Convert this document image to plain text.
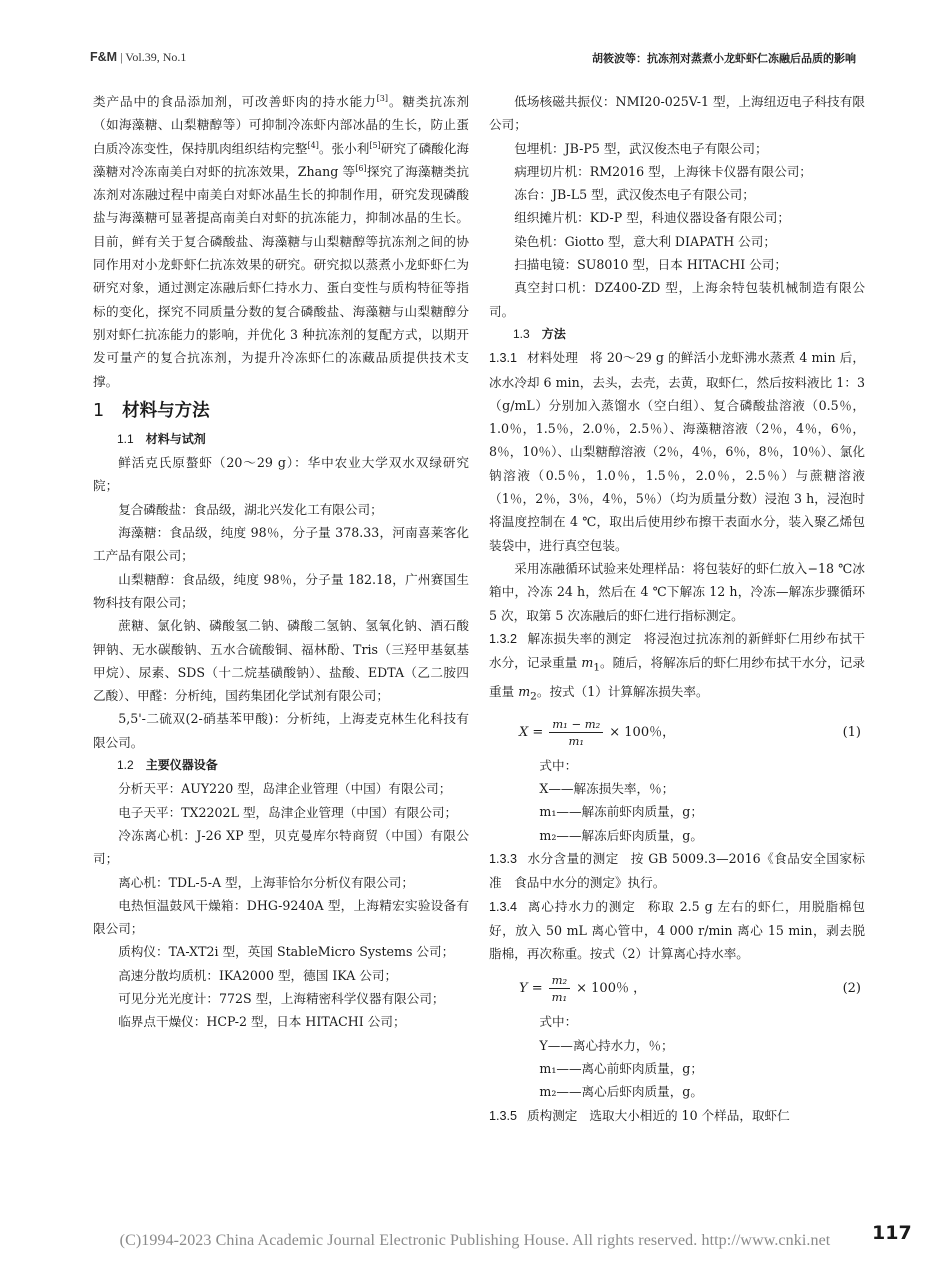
F&M | Vol.39, No.1	胡筱波等：抗冻剂对蒸煮小龙虾虾仁冻融后品质的影响

类产品中的食品添加剂，可改善虾肉的持水能力[3]。糖类抗冻剂（如海藻糖、山梨糖醇等）可抑制冷冻虾内部冰晶的生长，防止蛋白质冷冻变性，保持肌肉组织结构完整[4]。张小利[5]研究了磷酸化海藻糖对冷冻南美白对虾的抗冻效果，Zhang 等[6]探究了海藻糖类抗冻剂对冻融过程中南美白对虾冰晶生长的抑制作用，研究发现磷酸盐与海藻糖可显著提高南美白对虾的抗冻能力，抑制冰晶的生长。目前，鲜有关于复合磷酸盐、海藻糖与山梨糖醇等抗冻剂之间的协同作用对小龙虾虾仁抗冻效果的研究。研究拟以蒸煮小龙虾虾仁为研究对象，通过测定冻融后虾仁持水力、蛋白变性与质构特征等指标的变化，探究不同质量分数的复合磷酸盐、海藻糖与山梨糖醇分别对虾仁抗冻能力的影响，并优化 3 种抗冻剂的复配方式，以期开发可量产的复合抗冻剂，为提升冷冻虾仁的冻藏品质提供技术支撑。

1 材料与方法

1.1 材料与试剂

鲜活克氏原螯虾（20～29 g）：华中农业大学双水双绿研究院；

复合磷酸盐：食品级，湖北兴发化工有限公司；

海藻糖：食品级，纯度 98％，分子量 378.33，河南喜莱客化工产品有限公司；

山梨糖醇：食品级，纯度 98％，分子量 182.18，广州赛国生物科技有限公司；

蔗糖、氯化钠、磷酸氢二钠、磷酸二氢钠、氢氧化钠、酒石酸钾钠、无水碳酸钠、五水合硫酸铜、福林酚、Tris（三羟甲基氨基甲烷）、尿素、SDS（十二烷基磺酸钠）、盐酸、EDTA（乙二胺四乙酸）、甲醛：分析纯，国药集团化学试剂有限公司；

5,5'-二硫双(2-硝基苯甲酸)：分析纯，上海麦克林生化科技有限公司。

1.2 主要仪器设备

分析天平：AUY220 型，岛津企业管理（中国）有限公司；

电子天平：TX2202L 型，岛津企业管理（中国）有限公司；

冷冻离心机：J-26 XP 型，贝克曼库尔特商贸（中国）有限公司；

离心机：TDL-5-A 型，上海菲恰尔分析仪有限公司；

电热恒温鼓风干燥箱：DHG-9240A 型，上海精宏实验设备有限公司；

质构仪：TA-XT2i 型，英国 StableMicro Systems 公司；

高速分散均质机：IKA2000 型，德国 IKA 公司；

可见分光光度计：772S 型，上海精密科学仪器有限公司；

临界点干燥仪：HCP-2 型，日本 HITACHI 公司；

低场核磁共振仪：NMI20-025V-1 型，上海纽迈电子科技有限公司；

包埋机：JB-P5 型，武汉俊杰电子有限公司；

病理切片机：RM2016 型，上海徕卡仪器有限公司；

冻台：JB-L5 型，武汉俊杰电子有限公司；

组织摊片机：KD-P 型，科迪仪器设备有限公司；

染色机：Giotto 型，意大利 DIAPATH 公司；

扫描电镜：SU8010 型，日本 HITACHI 公司；

真空封口机：DZ400-ZD 型，上海余特包装机械制造有限公司。

1.3 方法

1.3.1 材料处理 将 20～29 g 的鲜活小龙虾沸水蒸煮 4 min 后，冰水冷却 6 min，去头，去壳，去黄，取虾仁，然后按料液比 1：3（g/mL）分别加入蒸馏水（空白组）、复合磷酸盐溶液（0.5％，1.0％，1.5％，2.0％，2.5％）、海藻糖溶液（2％，4％，6％，8％，10％）、山梨糖醇溶液（2％，4％，6％，8％，10％）、氯化钠溶液（0.5％，1.0％，1.5％，2.0％，2.5％）与蔗糖溶液（1％，2％，3％，4％，5％）（均为质量分数）浸泡 3 h，浸泡时将温度控制在 4 ℃，取出后使用纱布擦干表面水分，装入聚乙烯包装袋中，进行真空包装。

采用冻融循环试验来处理样品：将包装好的虾仁放入−18 ℃冰箱中，冷冻 24 h，然后在 4 ℃下解冻 12 h，冷冻—解冻步骤循环 5 次，取第 5 次冻融后的虾仁进行指标测定。

1.3.2 解冻损失率的测定 将浸泡过抗冻剂的新鲜虾仁用纱布拭干水分，记录重量 $m_1$。随后，将解冻后的虾仁用纱布拭干水分，记录重量 $m_2$。按式（1）计算解冻损失率。

$X = \frac{\text{m₁ − m₂}}{\text{m₁}} \times 100$％，	(1)

式中：

X——解冻损失率，％；

m₁——解冻前虾肉质量，g；

m₂——解冻后虾肉质量，g。

1.3.3 水分含量的测定 按 GB 5009.3—2016《食品安全国家标准　食品中水分的测定》执行。

1.3.4 离心持水力的测定 称取 2.5 g 左右的虾仁，用脱脂棉包好，放入 50 mL 离心管中，4 000 r/min 离心 15 min，剥去脱脂棉，再次称重。按式（2）计算离心持水率。

$Y = \frac{\text{m₂}}{\text{m₁}} \times 100$％ ，	(2)

式中：

Y——离心持水力，％；

m₁——离心前虾肉质量，g；

m₂——离心后虾肉质量，g。

1.3.5 质构测定 选取大小相近的 10 个样品，取虾仁

117
(C)1994-2023 China Academic Journal Electronic Publishing House. All rights reserved. http://www.cnki.net
